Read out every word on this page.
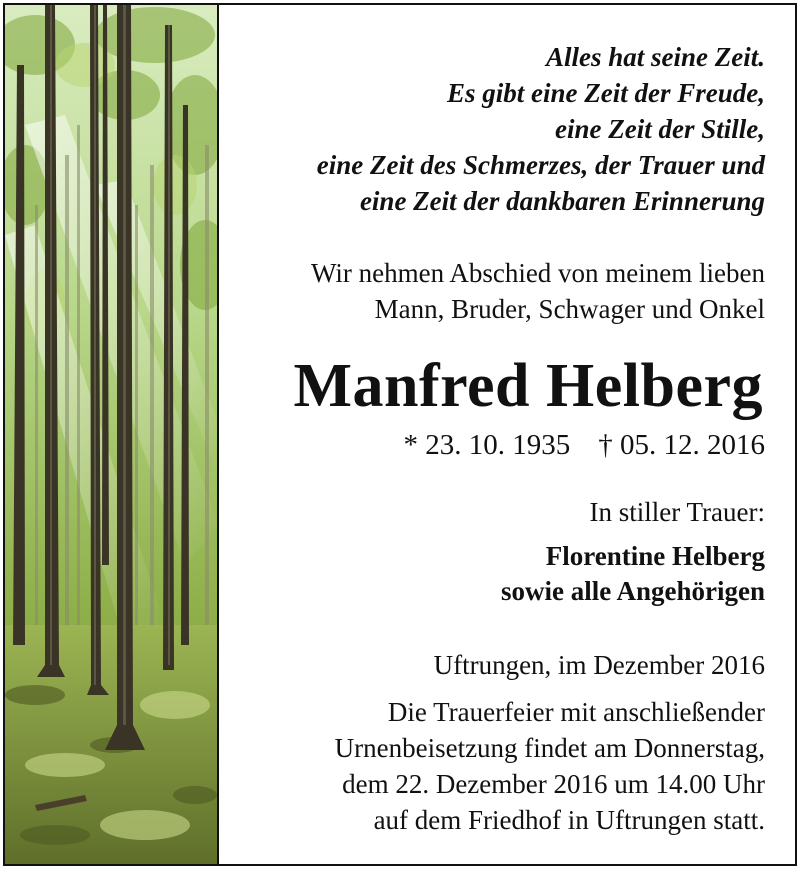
Alles hat seine Zeit.
Es gibt eine Zeit der Freude,
eine Zeit der Stille,
eine Zeit des Schmerzes, der Trauer und
eine Zeit der dankbaren Erinnerung
Wir nehmen Abschied von meinem lieben
Mann, Bruder, Schwager und Onkel
Manfred Helberg
* 23. 10. 1935 † 05. 12. 2016
In stiller Trauer:
Florentine Helberg
sowie alle Angehörigen
Uftrungen, im Dezember 2016
Die Trauerfeier mit anschließender
Urnenbeisetzung findet am Donnerstag,
dem 22. Dezember 2016 um 14.00 Uhr
auf dem Friedhof in Uftrungen statt.
